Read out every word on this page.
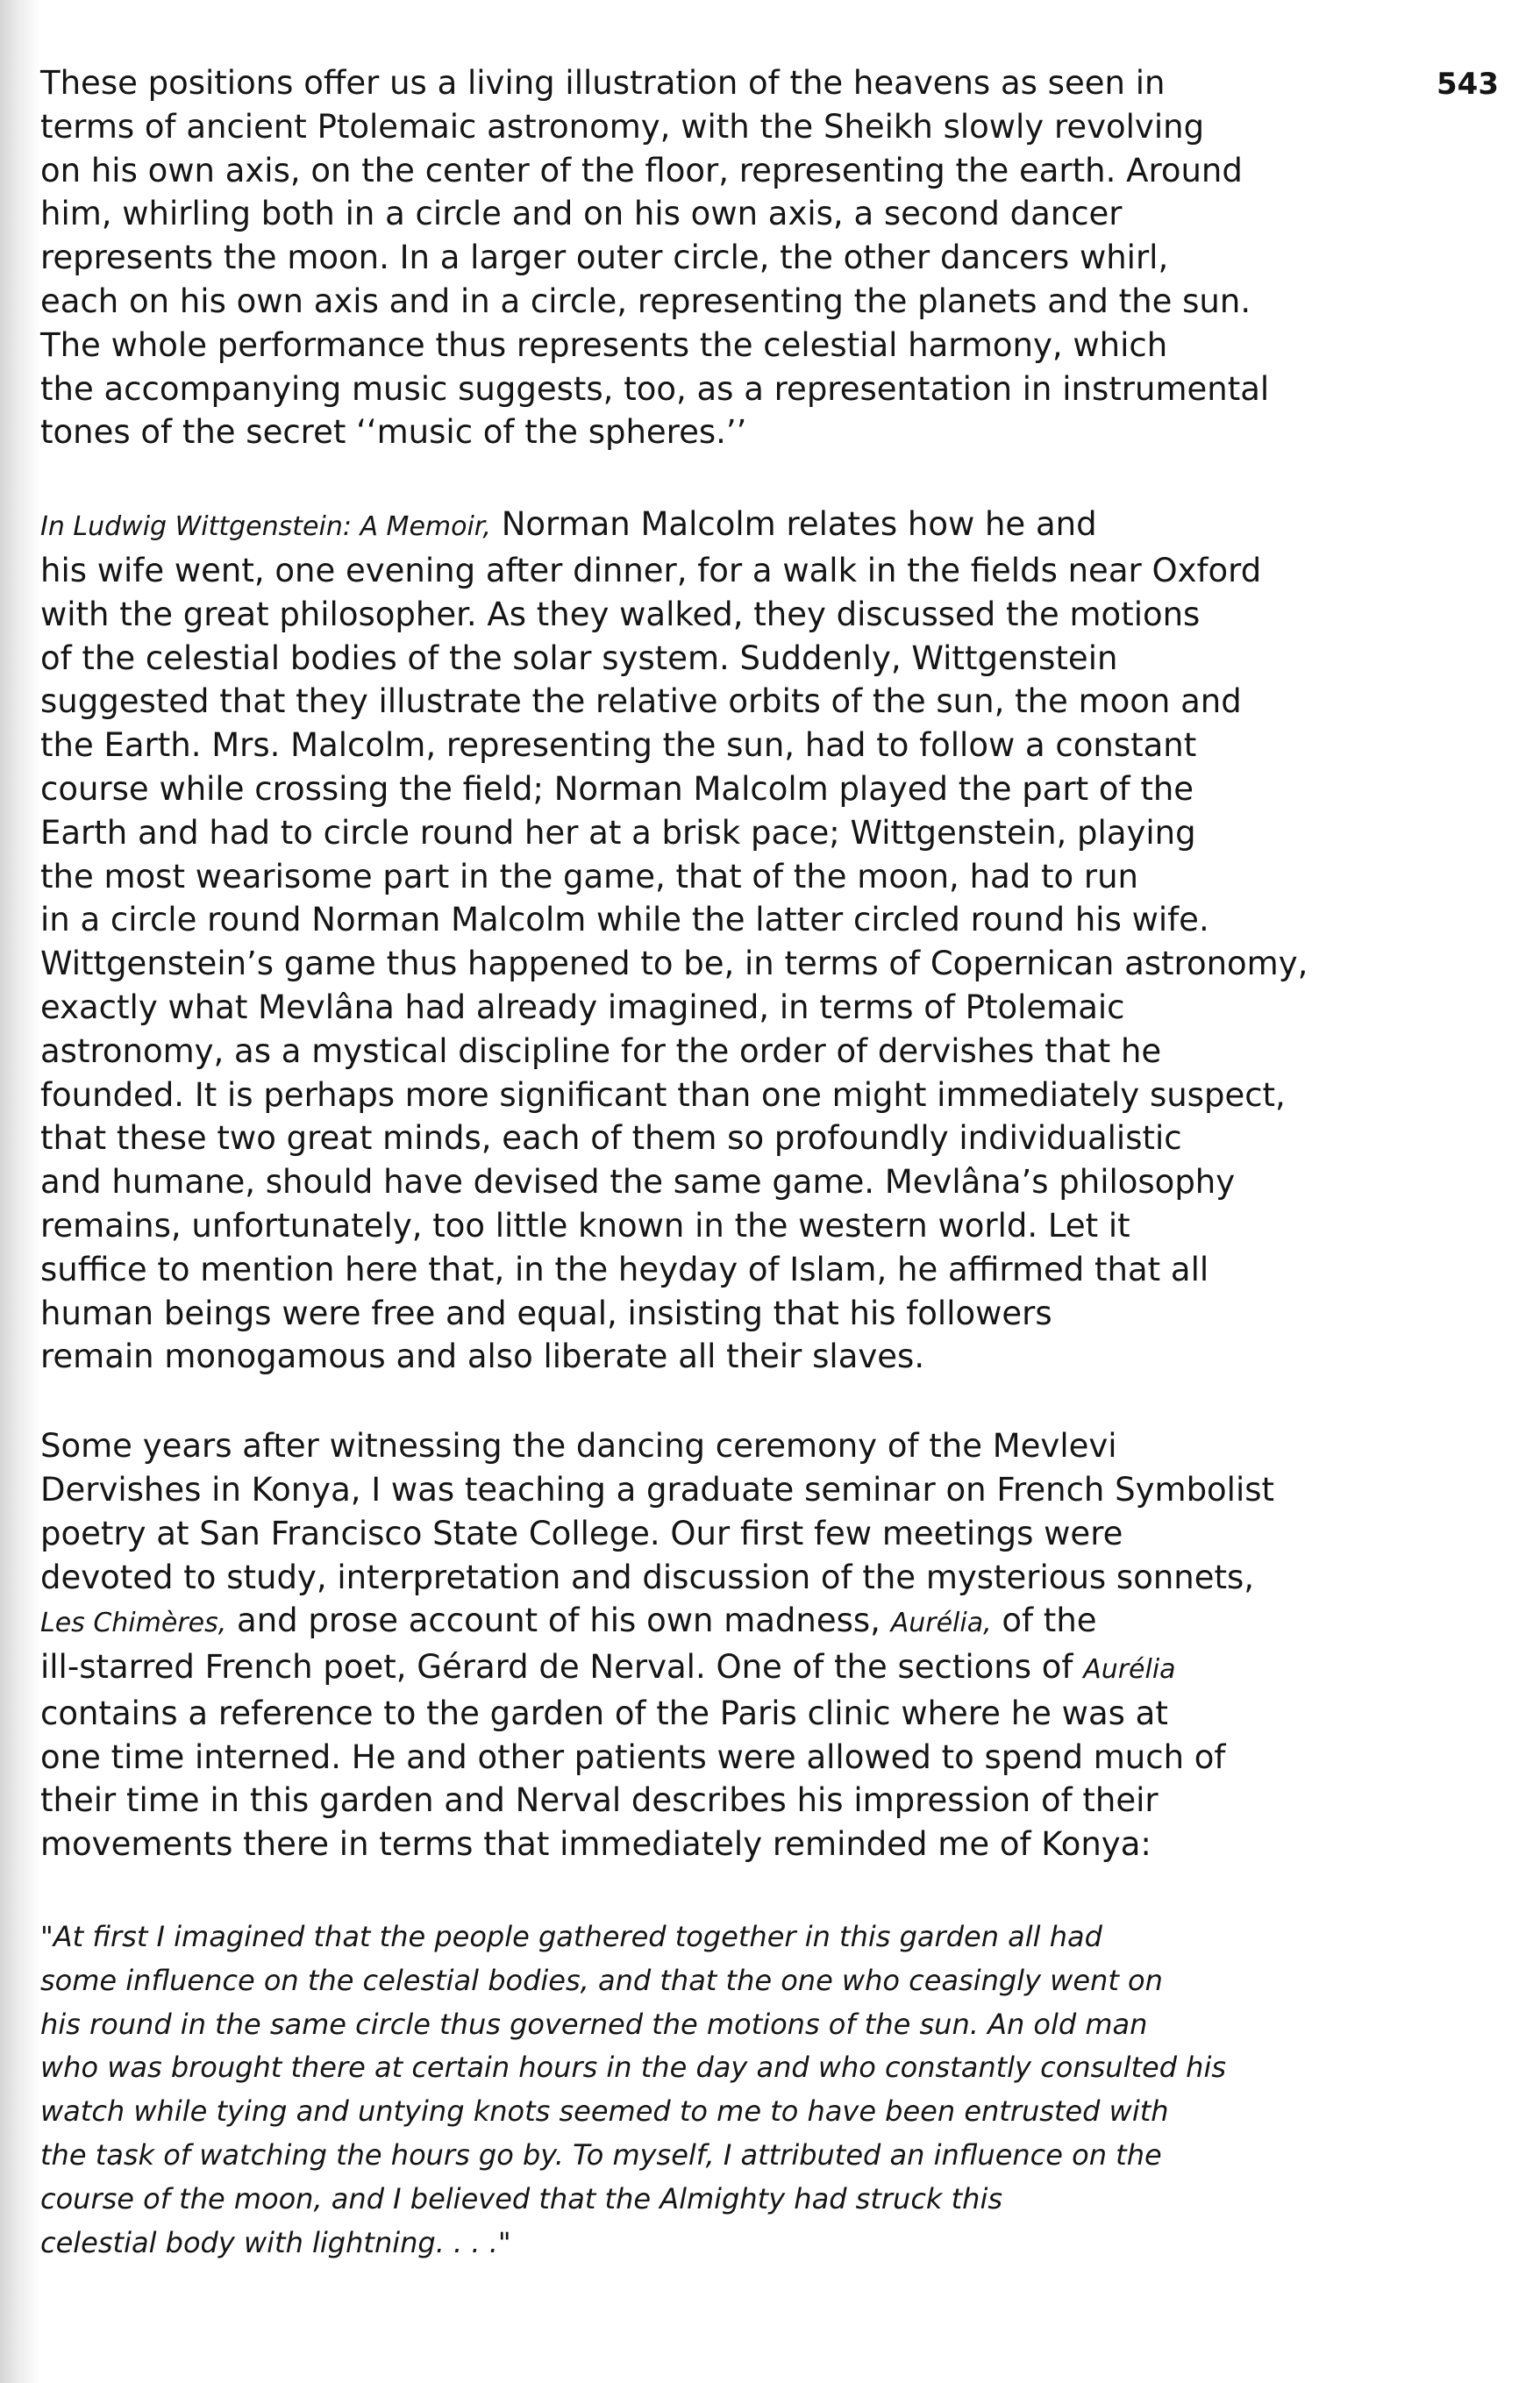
543

These positions offer us a living illustration of the heavens as seen in
terms of ancient Ptolemaic astronomy, with the Sheikh slowly revolving
on his own axis, on the center of the floor, representing the earth. Around
him, whirling both in a circle and on his own axis, a second dancer
represents the moon. In a larger outer circle, the other dancers whirl,
each on his own axis and in a circle, representing the planets and the sun.
The whole performance thus represents the celestial harmony, which
the accompanying music suggests, too, as a representation in instrumental
tones of the secret ‘‘music of the spheres.’’

In Ludwig Wittgenstein: A Memoir, Norman Malcolm relates how he and
his wife went, one evening after dinner, for a walk in the fields near Oxford
with the great philosopher. As they walked, they discussed the motions
of the celestial bodies of the solar system. Suddenly, Wittgenstein
suggested that they illustrate the relative orbits of the sun, the moon and
the Earth. Mrs. Malcolm, representing the sun, had to follow a constant
course while crossing the field; Norman Malcolm played the part of the
Earth and had to circle round her at a brisk pace; Wittgenstein, playing
the most wearisome part in the game, that of the moon, had to run
in a circle round Norman Malcolm while the latter circled round his wife.
Wittgenstein’s game thus happened to be, in terms of Copernican astronomy,
exactly what Mevlâna had already imagined, in terms of Ptolemaic
astronomy, as a mystical discipline for the order of dervishes that he
founded. It is perhaps more significant than one might immediately suspect,
that these two great minds, each of them so profoundly individualistic
and humane, should have devised the same game. Mevlâna’s philosophy
remains, unfortunately, too little known in the western world. Let it
suffice to mention here that, in the heyday of Islam, he affirmed that all
human beings were free and equal, insisting that his followers
remain monogamous and also liberate all their slaves.

Some years after witnessing the dancing ceremony of the Mevlevi
Dervishes in Konya, I was teaching a graduate seminar on French Symbolist
poetry at San Francisco State College. Our first few meetings were
devoted to study, interpretation and discussion of the mysterious sonnets,
Les Chimères, and prose account of his own madness, Aurélia, of the
ill-starred French poet, Gérard de Nerval. One of the sections of Aurélia
contains a reference to the garden of the Paris clinic where he was at
one time interned. He and other patients were allowed to spend much of
their time in this garden and Nerval describes his impression of their
movements there in terms that immediately reminded me of Konya:

"At first I imagined that the people gathered together in this garden all had
some influence on the celestial bodies, and that the one who ceasingly went on
his round in the same circle thus governed the motions of the sun. An old man
who was brought there at certain hours in the day and who constantly consulted his
watch while tying and untying knots seemed to me to have been entrusted with
the task of watching the hours go by. To myself, I attributed an influence on the
course of the moon, and I believed that the Almighty had struck this
celestial body with lightning. . . ."
